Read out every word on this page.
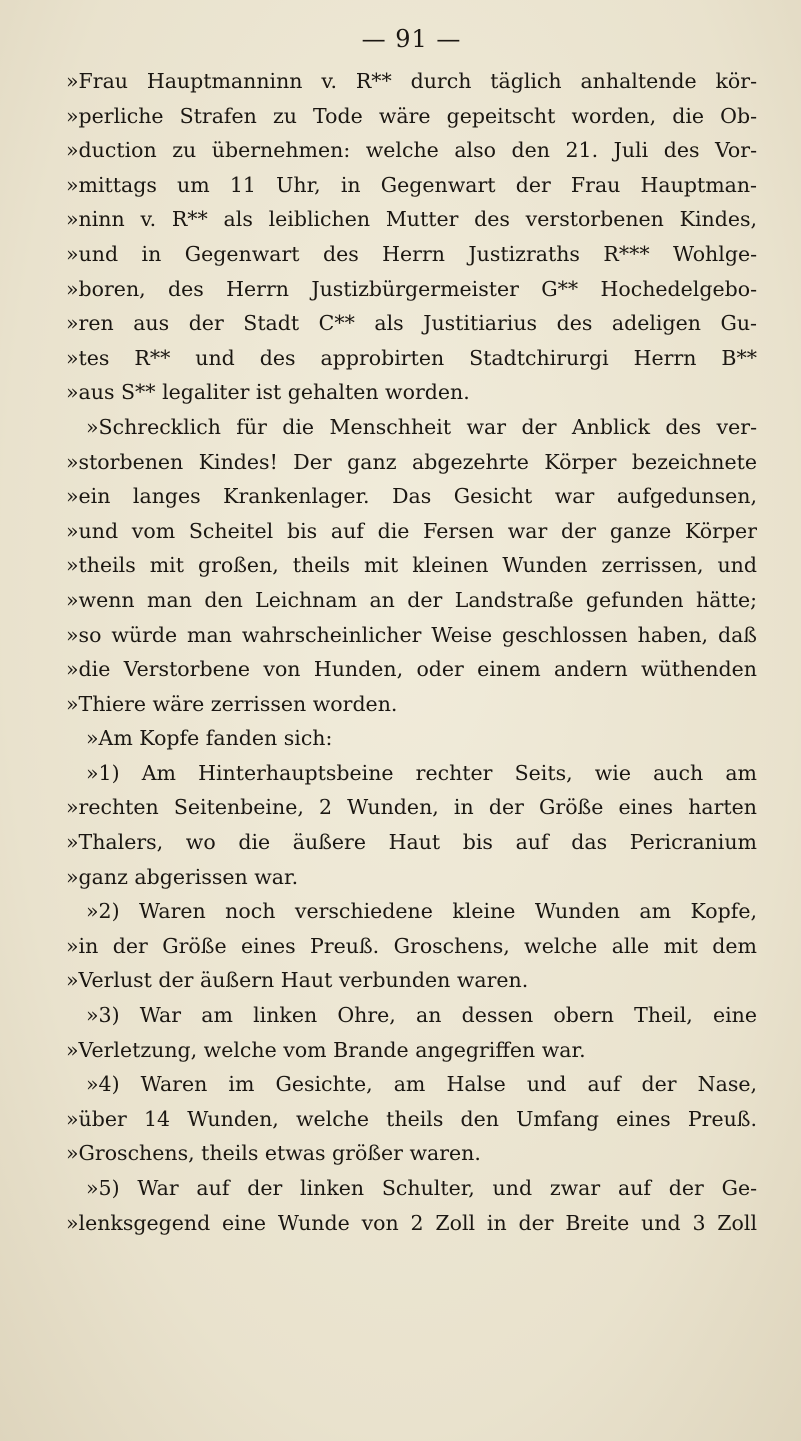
— 91 —
»Frau Hauptmanninn v. R** durch täglich anhaltende kör-
»perliche Strafen zu Tode wäre gepeitscht worden, die Ob-
»duction zu übernehmen: welche also den 21. Juli des Vor-
»mittags um 11 Uhr, in Gegenwart der Frau Hauptman-
»ninn v. R** als leiblichen Mutter des verstorbenen Kindes,
»und in Gegenwart des Herrn Justizraths R*** Wohlge-
»boren, des Herrn Justizbürgermeister G** Hochedelgebo-
»ren aus der Stadt C** als Justitiarius des adeligen Gu-
»tes R** und des approbirten Stadtchirurgi Herrn B**
»aus S** legaliter ist gehalten worden.
»Schrecklich für die Menschheit war der Anblick des ver-
»storbenen Kindes! Der ganz abgezehrte Körper bezeichnete
»ein langes Krankenlager. Das Gesicht war aufgedunsen,
»und vom Scheitel bis auf die Fersen war der ganze Körper
»theils mit großen, theils mit kleinen Wunden zerrissen, und
»wenn man den Leichnam an der Landstraße gefunden hätte;
»so würde man wahrscheinlicher Weise geschlossen haben, daß
»die Verstorbene von Hunden, oder einem andern wüthenden
»Thiere wäre zerrissen worden.
»Am Kopfe fanden sich:
»1) Am Hinterhauptsbeine rechter Seits, wie auch am
»rechten Seitenbeine, 2 Wunden, in der Größe eines harten
»Thalers, wo die äußere Haut bis auf das Pericranium
»ganz abgerissen war.
»2) Waren noch verschiedene kleine Wunden am Kopfe,
»in der Größe eines Preuß. Groschens, welche alle mit dem
»Verlust der äußern Haut verbunden waren.
»3) War am linken Ohre, an dessen obern Theil, eine
»Verletzung, welche vom Brande angegriffen war.
»4) Waren im Gesichte, am Halse und auf der Nase,
»über 14 Wunden, welche theils den Umfang eines Preuß.
»Groschens, theils etwas größer waren.
»5) War auf der linken Schulter, und zwar auf der Ge-
»lenksgegend eine Wunde von 2 Zoll in der Breite und 3 Zoll
